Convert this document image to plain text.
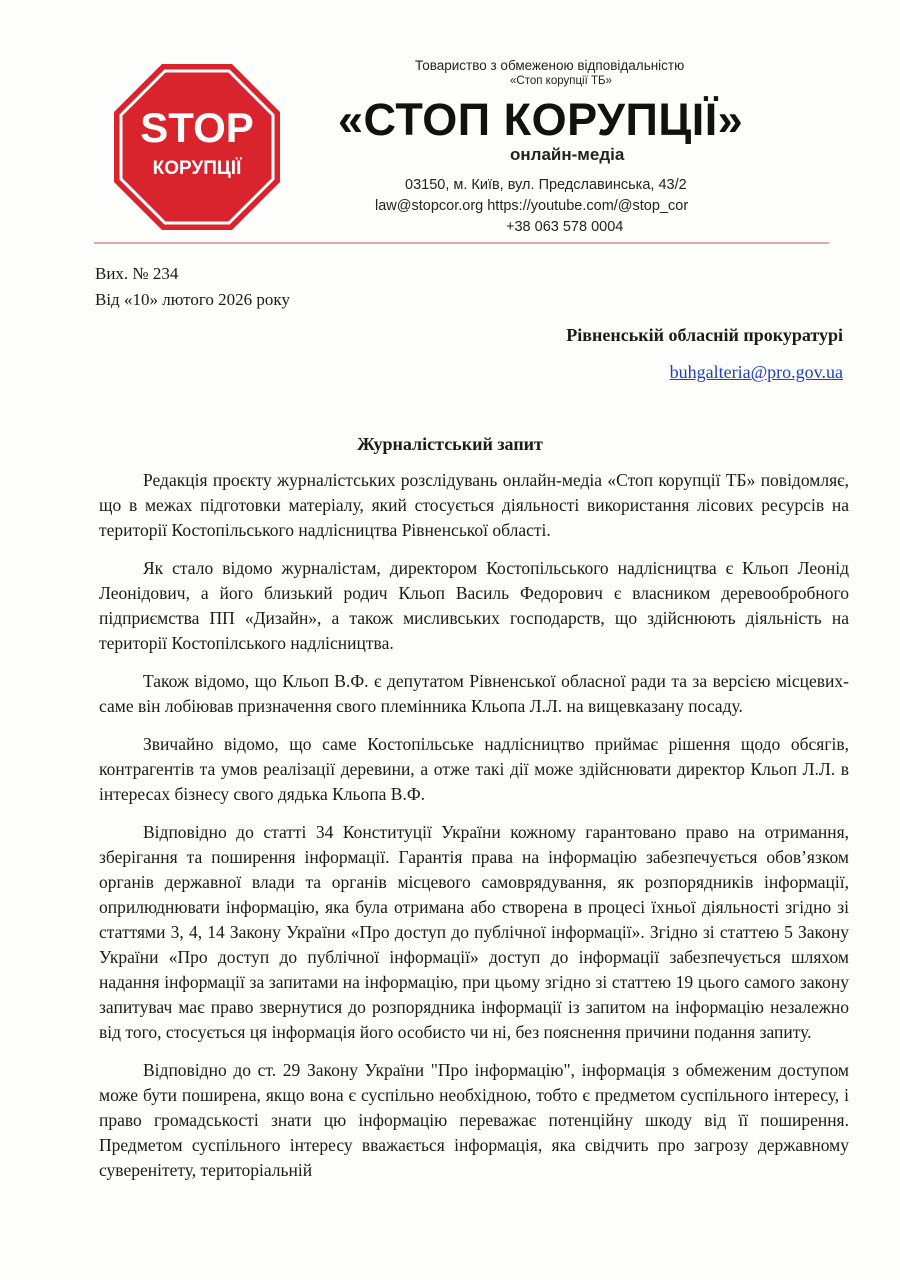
STOP
КОРУПЦІЇ
Товариство з обмеженою відповідальністю
«Стоп корупції ТБ»
«СТОП КОРУПЦІЇ»
онлайн-медіа
03150, м. Київ, вул. Предславинська, 43/2
law@stopcor.org https://youtube.com/@stop_cor
+38 063 578 0004
Вих. № 234
Від «10» лютого 2026 року
Рівненській обласній прокуратурі
buhgalteria@pro.gov.ua
Журналістський запит

Редакція проєкту журналістських розслідувань онлайн-медіа «Стоп корупції ТБ» повідомляє, що в межах підготовки матеріалу, який стосується діяльності використання лісових ресурсів на території Костопільського надлісництва Рівненської області.

Як стало відомо журналістам, директором Костопільського надлісництва є Кльоп Леонід Леонідович, а його близький родич Кльоп Василь Федорович є власником деревообробного підприємства ПП «Дизайн», а також мисливських господарств, що здійснюють діяльність на території Костопілського надлісництва.

Також відомо, що Кльоп В.Ф. є депутатом Рівненської обласної ради та за версією місцевих-саме він лобіював призначення свого племінника Кльопа Л.Л. на вищевказану посаду.

Звичайно відомо, що саме Костопільське надлісництво приймає рішення щодо обсягів, контрагентів та умов реалізації деревини, а отже такі дії може здійснювати директор Кльоп Л.Л. в інтересах бізнесу свого дядька Кльопа В.Ф.

Відповідно до статті 34 Конституції України кожному гарантовано право на отримання, зберігання та поширення інформації. Гарантія права на інформацію забезпечується обов’язком органів державної влади та органів місцевого самоврядування, як розпорядників інформації, оприлюднювати інформацію, яка була отримана або створена в процесі їхньої діяльності згідно зі статтями 3, 4, 14 Закону України «Про доступ до публічної інформації». Згідно зі статтею 5 Закону України «Про доступ до публічної інформації» доступ до інформації забезпечується шляхом надання інформації за запитами на інформацію, при цьому згідно зі статтею 19 цього самого закону запитувач має право звернутися до розпорядника інформації із запитом на інформацію незалежно від того, стосується ця інформація його особисто чи ні, без пояснення причини подання запиту.

Відповідно до ст. 29 Закону України "Про інформацію", інформація з обмеженим доступом може бути поширена, якщо вона є суспільно необхідною, тобто є предметом суспільного інтересу, і право громадськості знати цю інформацію переважає потенційну шкоду від її поширення. Предметом суспільного інтересу вважається інформація, яка свідчить про загрозу державному суверенітету, територіальній
